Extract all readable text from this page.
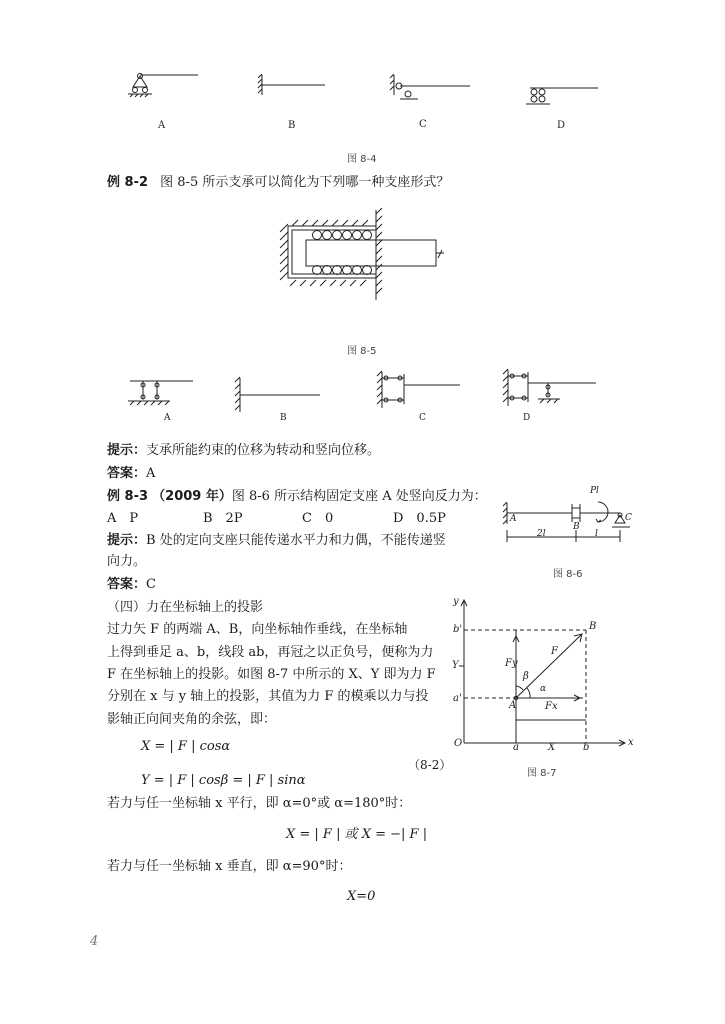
A	B	C	D
图 8-4
例 8-2 图 8-5 所示支承可以简化为下列哪一种支座形式？
图 8-5
A	B	C	D
提示：支承所能约束的位移为转动和竖向位移。
答案：A
例 8-3 （2009 年）图 8-6 所示结构固定支座 A 处竖向反力为：
A　P	B　2P	C　0	D　0.5P
提示：B 处的定向支座只能传递水平力和力偶，不能传递竖
向力。
答案：C
Pl
A
B
C
2l	l
图 8-6
（四）力在坐标轴上的投影
过力矢 F 的两端 A、B，向坐标轴作垂线，在坐标轴
上得到垂足 a、b，线段 ab，再冠之以正负号，便称为力
F 在坐标轴上的投影。如图 8-7 中所示的 X、Y 即为力 F
分别在 x 与 y 轴上的投影，其值为力 F 的模乘以力与投
影轴正向间夹角的余弦，即：
y
x
O
b'
a'
Y	Fy
F
B
β
α
A	Fx
a	X	b
图 8-7
X = | F | cosα
（8-2）
Y = | F | cosβ = | F | sinα
若力与任一坐标轴 x 平行，即 α=0°或 α=180°时：
X = | F | 或 X = −| F |
若力与任一坐标轴 x 垂直，即 α=90°时：
X=0
4
